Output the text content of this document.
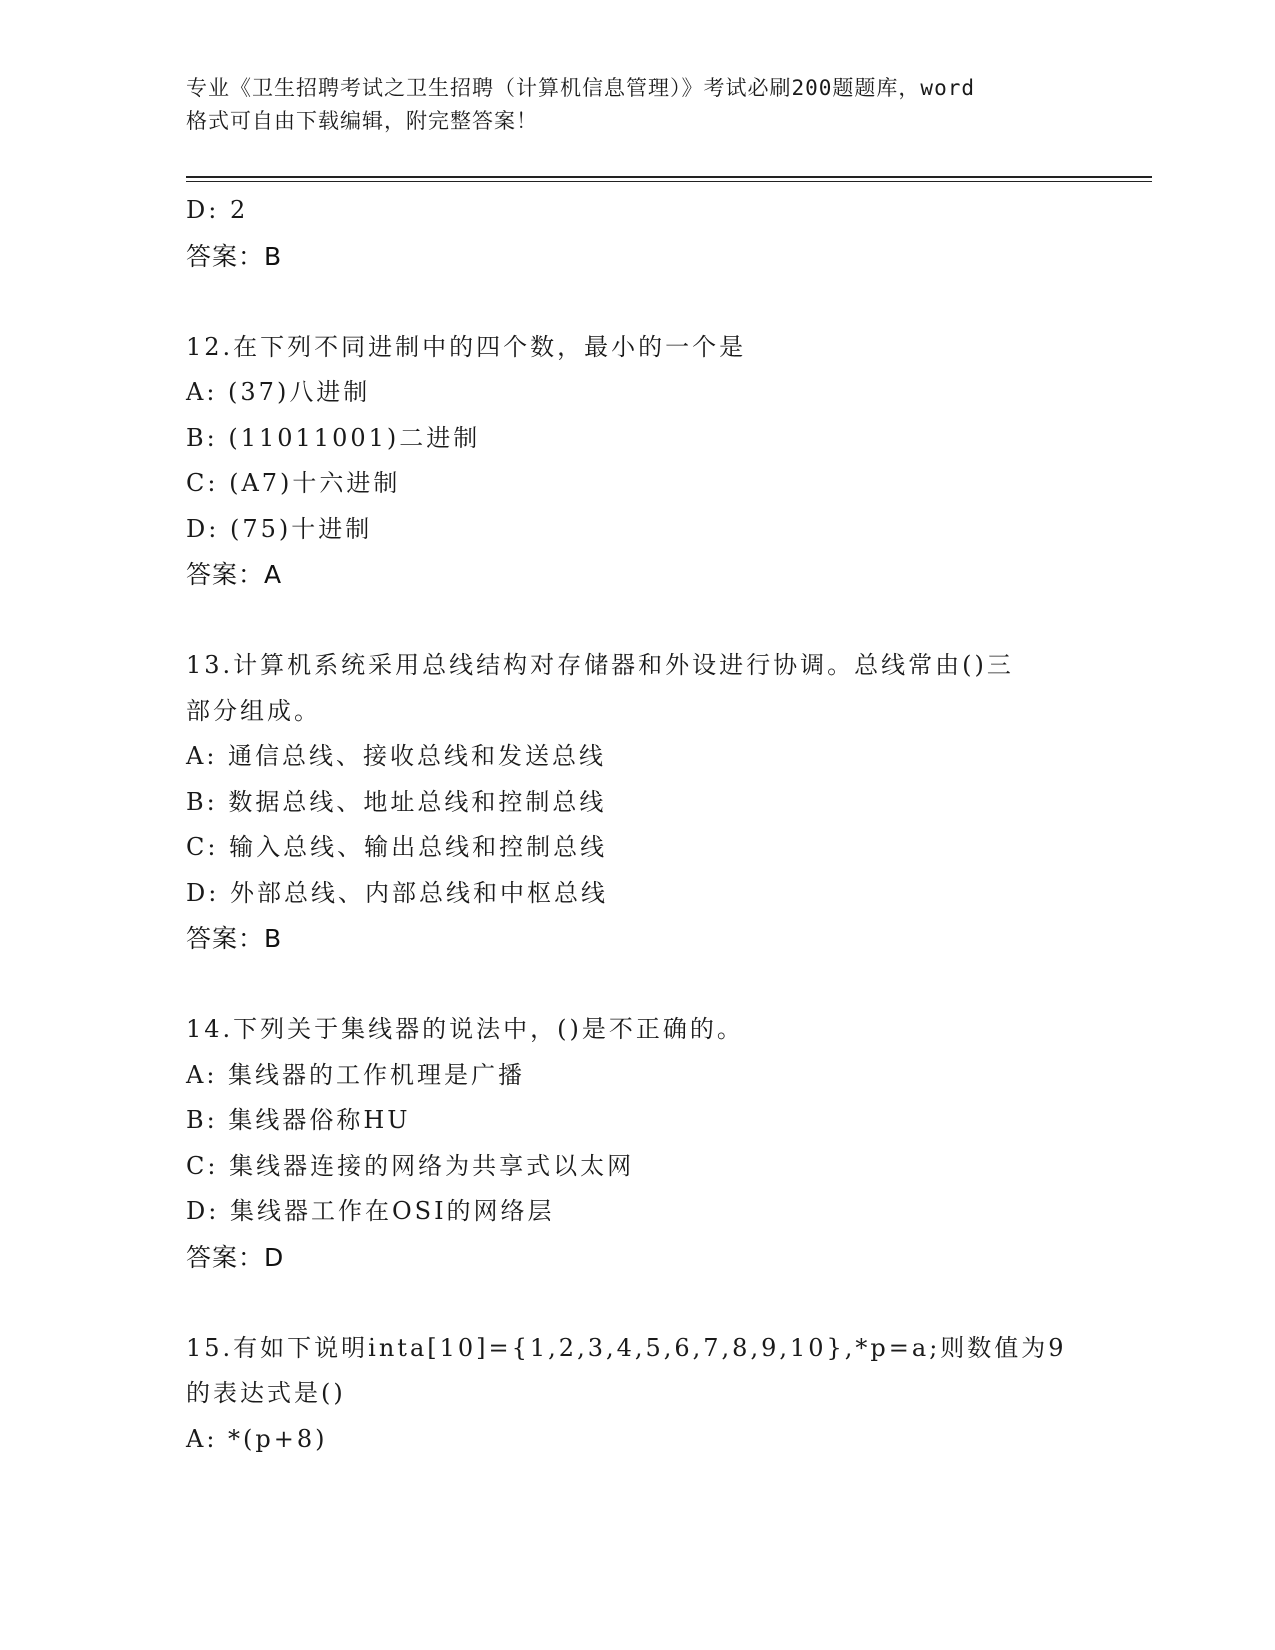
专业《卫生招聘考试之卫生招聘（计算机信息管理）》考试必刷200题题库，word
格式可自由下载编辑，附完整答案！
D: 2
答案：B
12.在下列不同进制中的四个数，最小的一个是
A: (37)八进制
B: (11011001)二进制
C: (A7)十六进制
D: (75)十进制
答案：A
13.计算机系统采用总线结构对存储器和外设进行协调。总线常由()三
部分组成。
A: 通信总线、接收总线和发送总线
B: 数据总线、地址总线和控制总线
C: 输入总线、输出总线和控制总线
D: 外部总线、内部总线和中枢总线
答案：B
14.下列关于集线器的说法中，()是不正确的。
A: 集线器的工作机理是广播
B: 集线器俗称HU
C: 集线器连接的网络为共享式以太网
D: 集线器工作在OSI的网络层
答案：D
15.有如下说明inta[10]={1,2,3,4,5,6,7,8,9,10},*p=a;则数值为9
的表达式是()
A: *(p+8)
